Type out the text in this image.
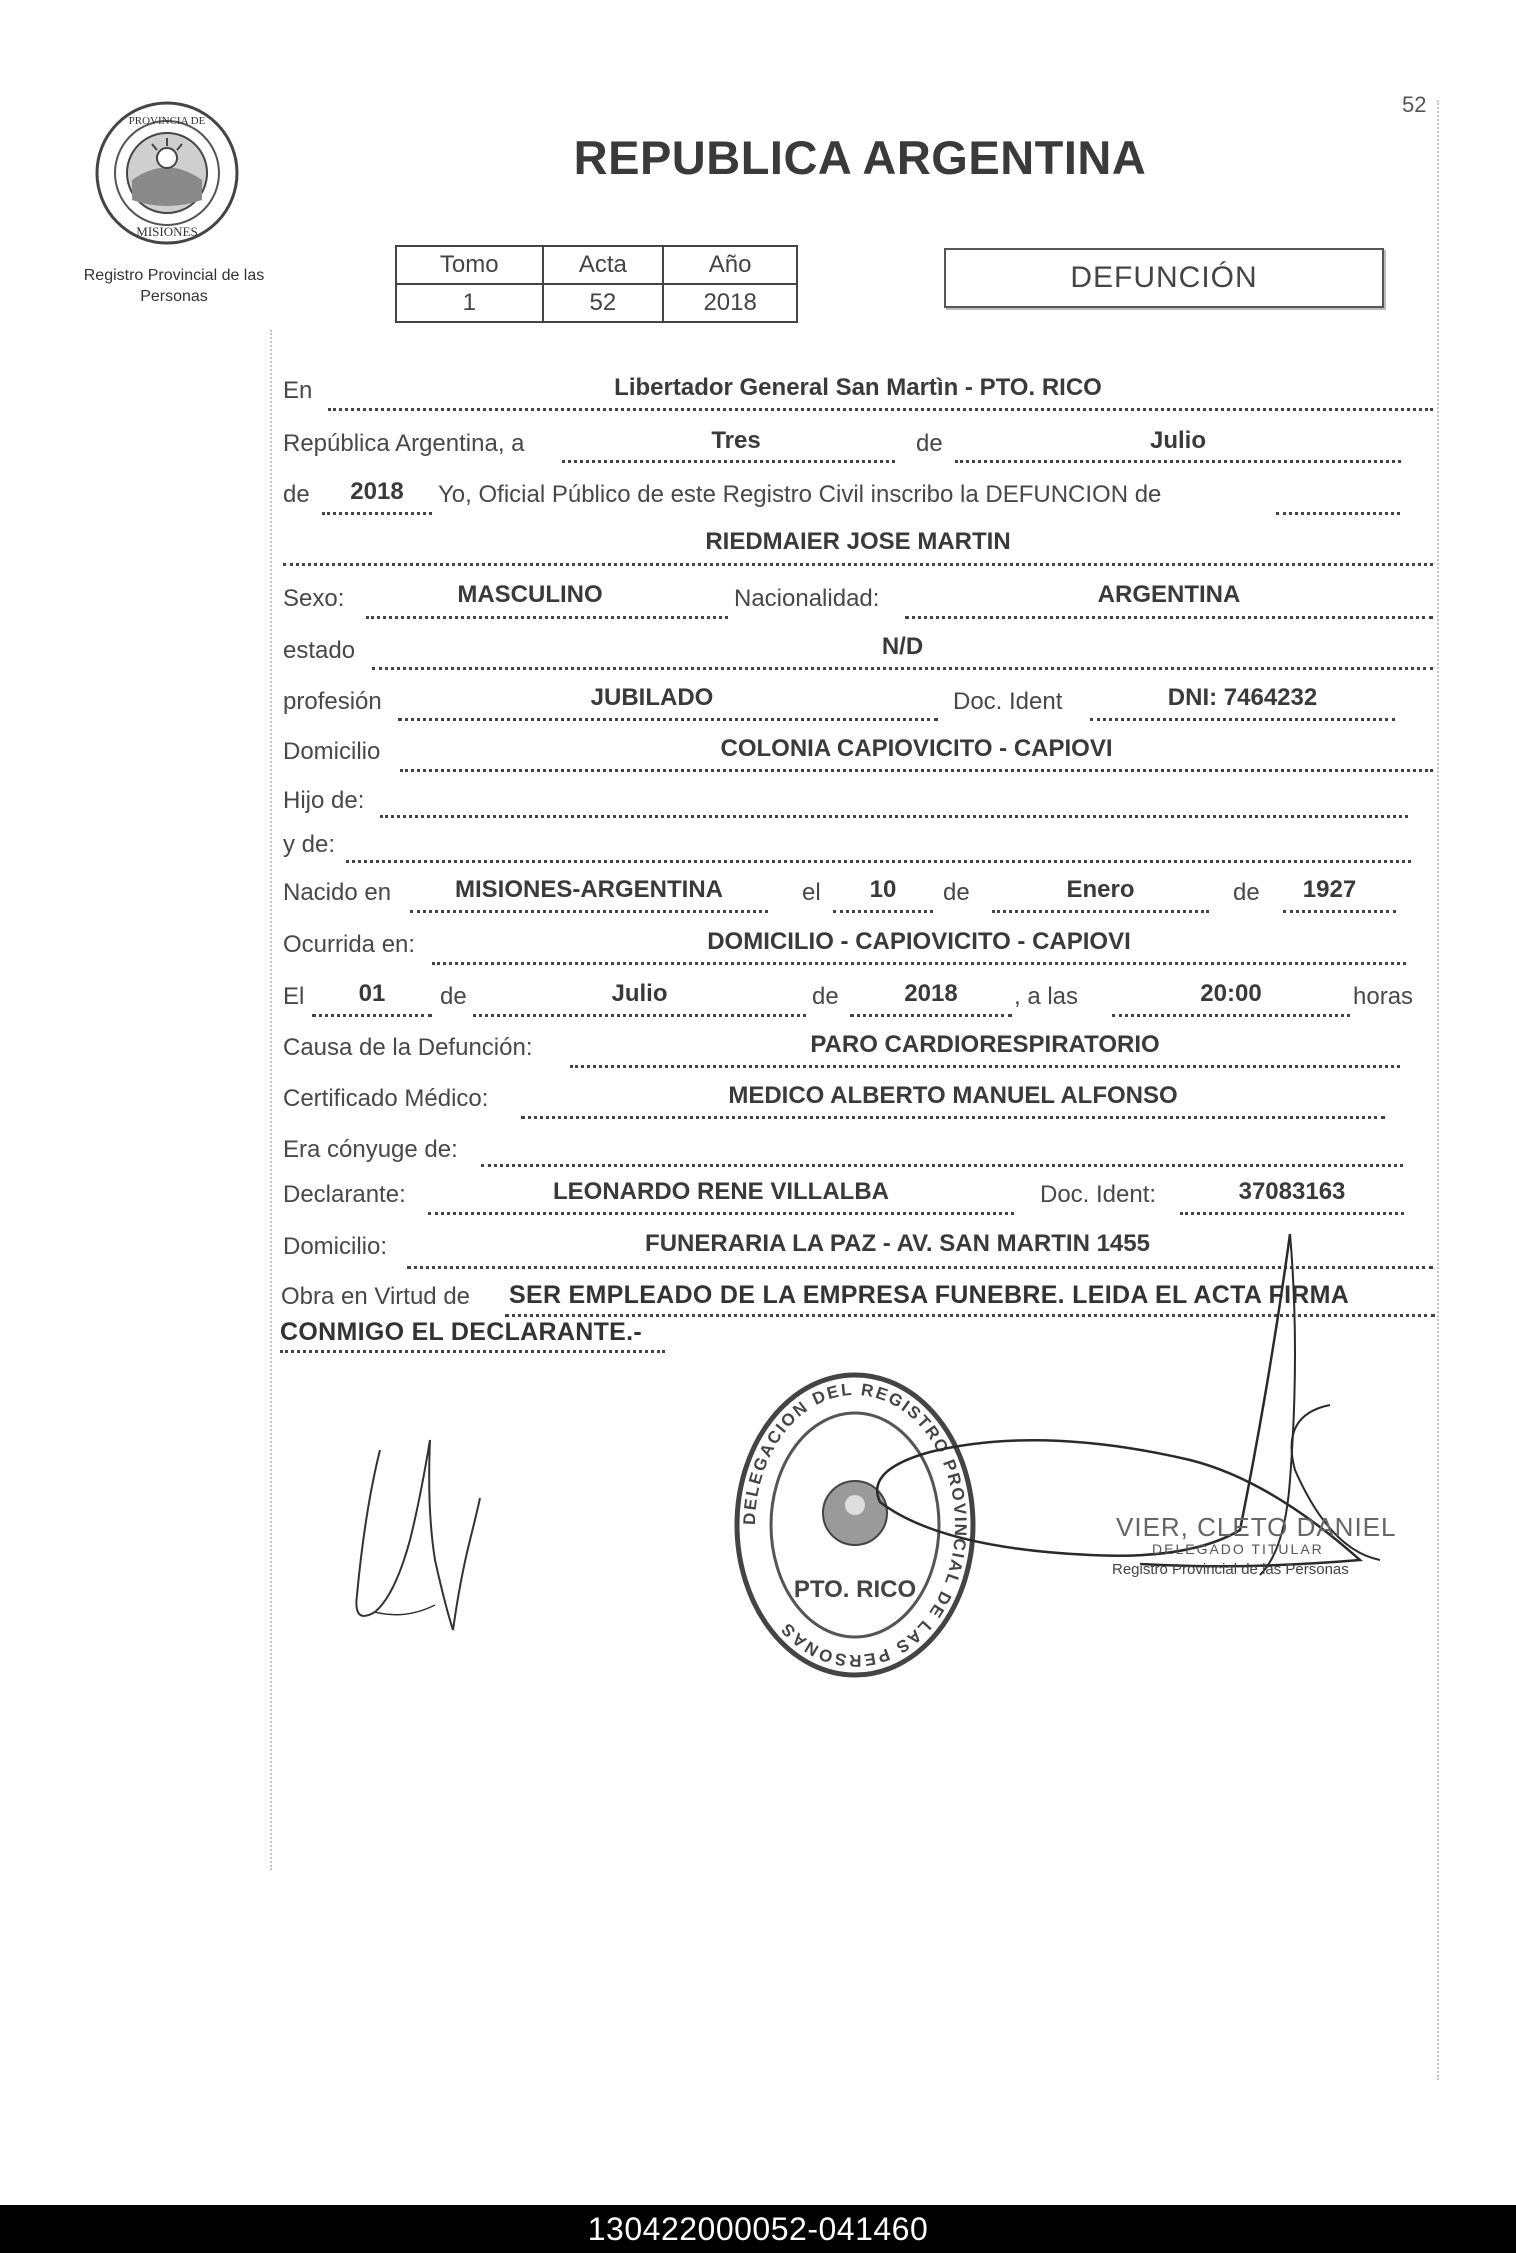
52
PROVINCIA DE
MISIONES
Registro Provincial de las Personas
REPUBLICA ARGENTINA
Tomo	Acta	Año
1	52	2018
DEFUNCIÓN
En	Libertador General San Martìn - PTO. RICO
República Argentina, a	Tres	de	Julio
de	2018	Yo, Oficial Público de este Registro Civil inscribo la DEFUNCION de
RIEDMAIER JOSE MARTIN
Sexo:	MASCULINO	Nacionalidad:	ARGENTINA
estado	N/D
profesión	JUBILADO	Doc. Ident	DNI: 7464232
Domicilio	COLONIA CAPIOVICITO - CAPIOVI
Hijo de:
y de:
Nacido en	MISIONES-ARGENTINA	el	10	de	Enero	de	1927
Ocurrida en:	DOMICILIO - CAPIOVICITO - CAPIOVI
El	01	de	Julio	de	2018	, a las	20:00	horas
Causa de la Defunción:	PARO CARDIORESPIRATORIO
Certificado Médico:	MEDICO ALBERTO MANUEL ALFONSO
Era cónyuge de:
Declarante:	LEONARDO RENE VILLALBA	Doc. Ident:	37083163
Domicilio:	FUNERARIA LA PAZ - AV. SAN MARTIN 1455
Obra en Virtud de SER EMPLEADO DE LA EMPRESA FUNEBRE. LEIDA EL ACTA FIRMA
CONMIGO EL DECLARANTE.-
DELEGACION DEL REGISTRO PROVINCIAL DE LAS PERSONAS
PTO. RICO
VIER, CLETO DANIEL
DELEGADO TITULAR
Registro Provincial de las Personas
130422000052-041460
